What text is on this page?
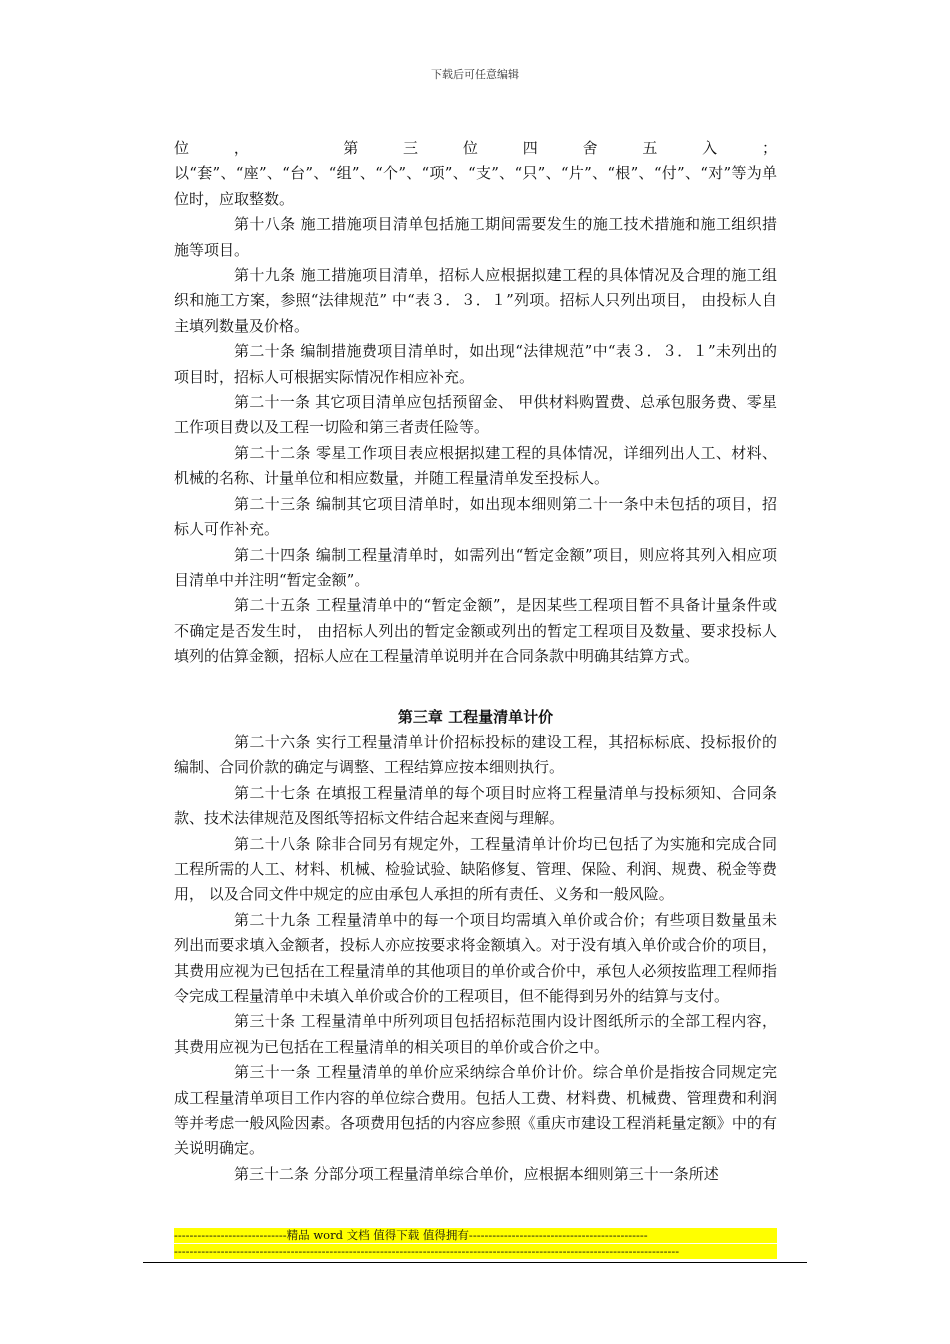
下载后可任意编辑

位， 第三位四舍五入； 以“套”、“座”、“台”、“组”、“个”、“项”、“支”、“只”、“片”、“根”、“付”、“对”等为单位时，应取整数。

第十八条 施工措施项目清单包括施工期间需要发生的施工技术措施和施工组织措施等项目。

第十九条 施工措施项目清单，招标人应根据拟建工程的具体情况及合理的施工组织和施工方案，参照“法律规范” 中“表３．３．１”列项。招标人只列出项目， 由投标人自主填列数量及价格。

第二十条 编制措施费项目清单时，如出现“法律规范”中“表３．３．１”未列出的项目时，招标人可根据实际情况作相应补充。

第二十一条 其它项目清单应包括预留金、 甲供材料购置费、总承包服务费、零星工作项目费以及工程一切险和第三者责任险等。

第二十二条 零星工作项目表应根据拟建工程的具体情况，详细列出人工、材料、机械的名称、计量单位和相应数量，并随工程量清单发至投标人。

第二十三条 编制其它项目清单时，如出现本细则第二十一条中未包括的项目，招标人可作补充。

第二十四条 编制工程量清单时，如需列出“暂定金额”项目，则应将其列入相应项目清单中并注明“暂定金额”。

第二十五条 工程量清单中的“暂定金额”，是因某些工程项目暂不具备计量条件或不确定是否发生时， 由招标人列出的暂定金额或列出的暂定工程项目及数量、要求投标人填列的估算金额，招标人应在工程量清单说明并在合同条款中明确其结算方式。

第三章 工程量清单计价

第二十六条 实行工程量清单计价招标投标的建设工程，其招标标底、投标报价的编制、合同价款的确定与调整、工程结算应按本细则执行。

第二十七条 在填报工程量清单的每个项目时应将工程量清单与投标须知、合同条款、技术法律规范及图纸等招标文件结合起来查阅与理解。

第二十八条 除非合同另有规定外，工程量清单计价均已包括了为实施和完成合同工程所需的人工、材料、机械、检验试验、缺陷修复、管理、保险、利润、规费、税金等费用， 以及合同文件中规定的应由承包人承担的所有责任、义务和一般风险。

第二十九条 工程量清单中的每一个项目均需填入单价或合价；有些项目数量虽未列出而要求填入金额者，投标人亦应按要求将金额填入。对于没有填入单价或合价的项目，其费用应视为已包括在工程量清单的其他项目的单价或合价中，承包人必须按监理工程师指令完成工程量清单中未填入单价或合价的工程项目，但不能得到另外的结算与支付。

第三十条 工程量清单中所列项目包括招标范围内设计图纸所示的全部工程内容，其费用应视为已包括在工程量清单的相关项目的单价或合价之中。

第三十一条 工程量清单的单价应采纳综合单价计价。综合单价是指按合同规定完成工程量清单项目工作内容的单位综合费用。包括人工费、材料费、机械费、管理费和利润等并考虑一般风险因素。各项费用包括的内容应参照《重庆市建设工程消耗量定额》中的有关说明确定。

第三十二条 分部分项工程量清单综合单价，应根据本细则第三十一条所述

-----------------------------精品 word 文档 值得下载 值得拥有----------------------------------------------
----------------------------------------------------------------------------------------------------------------------------------
